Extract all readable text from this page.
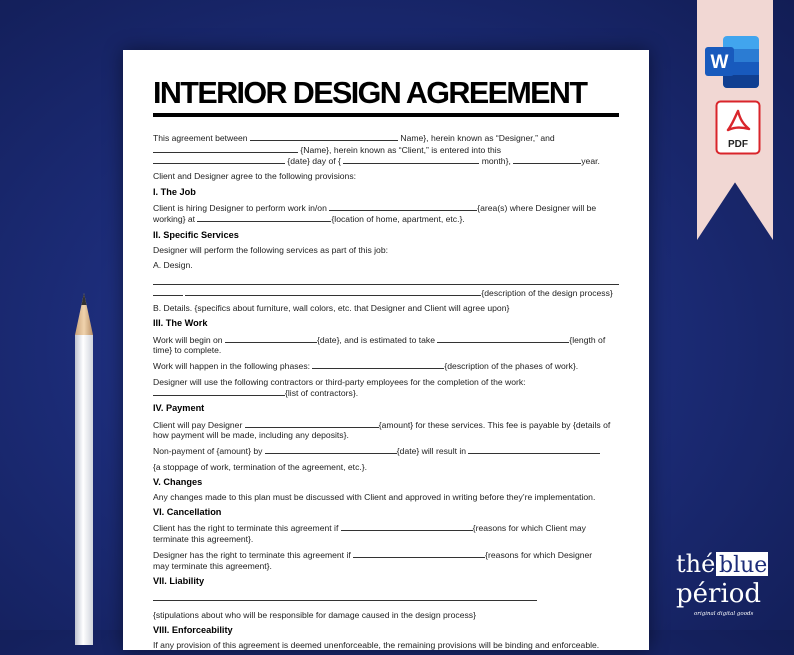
INTERIOR DESIGN AGREEMENT

This agreement between	Name}, herein known as “Designer,” and
{Name}, herein known as “Client,” is entered into this
{date} day of {	month},	year.

Client and Designer agree to the following provisions:

I. The Job

Client is hiring Designer to perform work in/on	{area(s) where Designer will be
working} at	{location of home, apartment, etc.}.

II. Specific Services

Designer will perform the following services as part of this job:

A. Design.

{description of the design process}

B. Details. {specifics about furniture, wall colors, etc. that Designer and Client will agree upon}

III. The Work

Work will begin on	{date}, and is estimated to take	{length of
time} to complete.

Work will happen in the following phases:	{description of the phases of work}.

Designer will use the following contractors or third-party employees for the completion of the work:
{list of contractors}.

IV. Payment

Client will pay Designer	{amount} for these services. This fee is payable by {details of
how payment will be made, including any deposits}.

Non-payment of {amount} by	{date} will result in

{a stoppage of work, termination of the agreement, etc.}.

V. Changes

Any changes made to this plan must be discussed with Client and approved in writing before they’re implementation.

VI. Cancellation

Client has the right to terminate this agreement if	{reasons for which Client may
terminate this agreement}.

Designer has the right to terminate this agreement if	{reasons for which Designer
may terminate this agreement}.

VII. Liability

{stipulations about who will be responsible for damage caused in the design process}

VIII. Enforceability

If any provision of this agreement is deemed unenforceable, the remaining provisions will be binding and enforceable.

W
PDF
thé blue
périod
original digital goods
